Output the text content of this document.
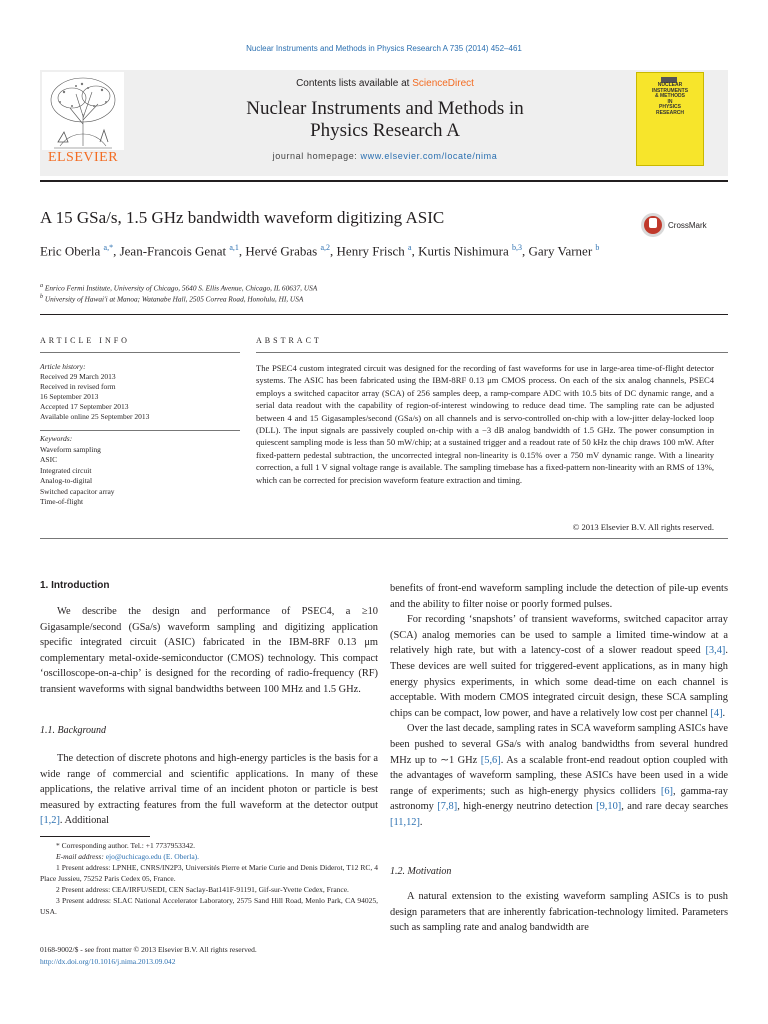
Nuclear Instruments and Methods in Physics Research A 735 (2014) 452–461
ELSEVIER
Contents lists available at ScienceDirect
Nuclear Instruments and Methods in
Physics Research A
journal homepage: www.elsevier.com/locate/nima
NUCLEAR
INSTRUMENTS
& METHODS
IN
PHYSICS
RESEARCH
A 15 GSa/s, 1.5 GHz bandwidth waveform digitizing ASIC	CrossMark
Eric Oberla $^{a,*}$, Jean-Francois Genat $^{a,1}$, Hervé Grabas $^{a,2}$, Henry Frisch $^a$, Kurtis Nishimura $^{b,3}$, Gary Varner $^b$
$^a$ Enrico Fermi Institute, University of Chicago, 5640 S. Ellis Avenue, Chicago, IL 60637, USA
$^b$ University of Hawai'i at Manoa; Watanabe Hall, 2505 Correa Road, Honolulu, HI, USA
ARTICLE INFO	ABSTRACT
Article history:
Received 29 March 2013
Received in revised form
16 September 2013
Accepted 17 September 2013
Available online 25 September 2013
Keywords:
Waveform sampling
ASIC
Integrated circuit
Analog-to-digital
Switched capacitor array
Time-of-flight
The PSEC4 custom integrated circuit was designed for the recording of fast waveforms for use in large-area time-of-flight detector systems. The ASIC has been fabricated using the IBM-8RF 0.13 μm CMOS process. On each of the six analog channels, PSEC4 employs a switched capacitor array (SCA) of 256 samples deep, a ramp-compare ADC with 10.5 bits of DC dynamic range, and a serial data readout with the capability of region-of-interest windowing to reduce dead time. The sampling rate can be adjusted between 4 and 15 Gigasamples/second (GSa/s) on all channels and is servo-controlled on-chip with a low-jitter delay-locked loop (DLL). The input signals are passively coupled on-chip with a −3 dB analog bandwidth of 1.5 GHz. The power consumption in quiescent sampling mode is less than 50 mW/chip; at a sustained trigger and a readout rate of 50 kHz the chip draws 100 mW. After fixed-pattern pedestal subtraction, the uncorrected integral non-linearity is 0.15% over a 750 mV dynamic range. With a linearity correction, a full 1 V signal voltage range is available. The sampling timebase has a fixed-pattern non-linearity with an RMS of 13%, which can be corrected for precision waveform feature extraction and timing.
© 2013 Elsevier B.V. All rights reserved.
1. Introduction

We describe the design and performance of PSEC4, a ≥10 Gigasample/second (GSa/s) waveform sampling and digitizing application specific integrated circuit (ASIC) fabricated in the IBM-8RF 0.13 μm complementary metal-oxide-semiconductor (CMOS) technology. This compact ‘oscilloscope-on-a-chip’ is designed for the recording of radio-frequency (RF) transient waveforms with signal bandwidths between 100 MHz and 1.5 GHz.

1.1. Background

The detection of discrete photons and high-energy particles is the basis for a wide range of commercial and scientific applications. In many of these applications, the relative arrival time of an incident photon or particle is best measured by extracting features from the full waveform at the detector output [1,2]. Additional

* Corresponding author. Tel.: +1 7737953342.
E-mail address: ejo@uchicago.edu (E. Oberla).
1 Present address: LPNHE, CNRS/IN2P3, Universités Pierre et Marie Curie and Denis Diderot, T12 RC, 4 Place Jussieu, 75252 Paris Cedex 05, France.
2 Present address: CEA/IRFU/SEDI, CEN Saclay-Bat141F-91191, Gif-sur-Yvette Cedex, France.
3 Present address: SLAC National Accelerator Laboratory, 2575 Sand Hill Road, Menlo Park, CA 94025, USA.
0168-9002/$ - see front matter © 2013 Elsevier B.V. All rights reserved.
http://dx.doi.org/10.1016/j.nima.2013.09.042

benefits of front-end waveform sampling include the detection of pile-up events and the ability to filter noise or poorly formed pulses.

For recording ‘snapshots’ of transient waveforms, switched capacitor array (SCA) analog memories can be used to sample a limited time-window at a relatively high rate, but with a latency-cost of a slower readout speed [3,4]. These devices are well suited for triggered-event applications, as in many high energy physics experiments, in which some dead-time on each channel is acceptable. With modern CMOS integrated circuit design, these SCA sampling chips can be compact, low power, and have a relatively low cost per channel [4].

Over the last decade, sampling rates in SCA waveform sampling ASICs have been pushed to several GSa/s with analog bandwidths from several hundred MHz up to ∼1 GHz [5,6]. As a scalable front-end readout option coupled with the advantages of waveform sampling, these ASICs have been used in a wide range of experiments; such as high-energy physics colliders [6], gamma-ray astronomy [7,8], high-energy neutrino detection [9,10], and rare decay searches [11,12].

1.2. Motivation

A natural extension to the existing waveform sampling ASICs is to push design parameters that are inherently fabrication-technology limited. Parameters such as sampling rate and analog bandwidth are
